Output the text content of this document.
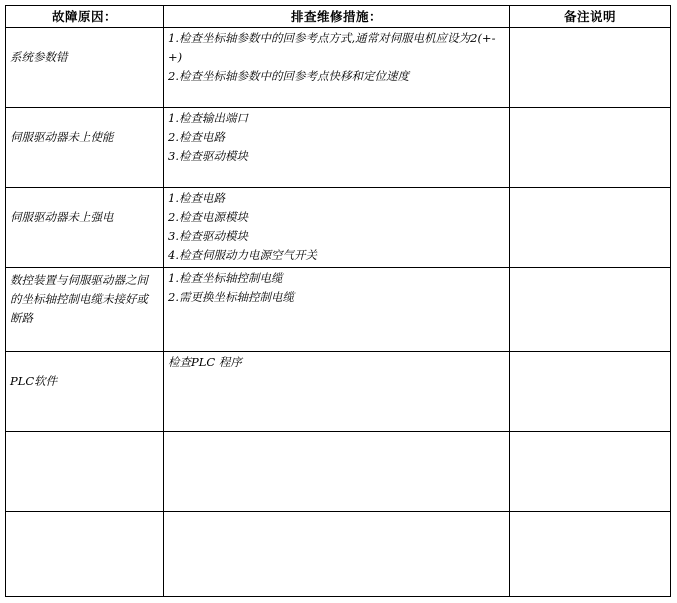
故障原因：	排查维修措施：	备注说明

系统参数错	1.检查坐标轴参数中的回参考点方式,通常对伺服电机应设为2(+-+)
2.检查坐标轴参数中的回参考点快移和定位速度	

伺服驱动器未上使能	1.检查输出端口
2.检查电路
3.检查驱动模块	

伺服驱动器未上强电	1.检查电路
2.检查电源模块
3.检查驱动模块
4.检查伺服动力电源空气开关	

数控装置与伺服驱动器之间的坐标轴控制电缆未接好或断路	1.检查坐标轴控制电缆
2.需更换坐标轴控制电缆	

PLC软件	检查PLC 程序	
